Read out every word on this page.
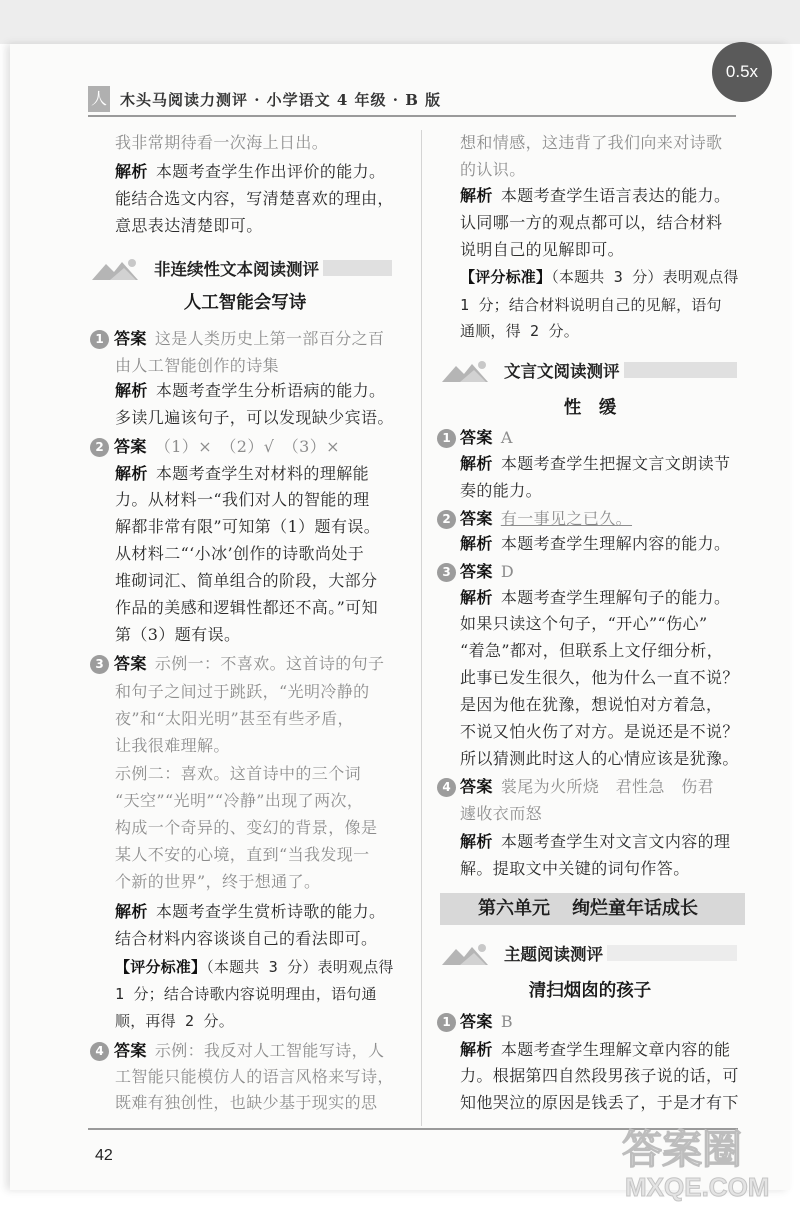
0.5x
人 木头马阅读力测评 · 小学语文 4 年级 · B 版
我非常期待看一次海上日出。
解析 本题考查学生作出评价的能力。
能结合选文内容，写清楚喜欢的理由，
意思表达清楚即可。
非连续性文本阅读测评
人工智能会写诗
1 答案 这是人类历史上第一部百分之百
由人工智能创作的诗集
解析 本题考查学生分析语病的能力。
多读几遍该句子，可以发现缺少宾语。
2 答案 （1）×　（2）√　（3）×
解析 本题考查学生对材料的理解能
力。从材料一“我们对人的智能的理
解都非常有限”可知第（1）题有误。
从材料二“‘小冰’创作的诗歌尚处于
堆砌词汇、简单组合的阶段，大部分
作品的美感和逻辑性都还不高。”可知
第（3）题有误。
3 答案 示例一：不喜欢。这首诗的句子
和句子之间过于跳跃，“光明冷静的
夜”和“太阳光明”甚至有些矛盾，
让我很难理解。
示例二：喜欢。这首诗中的三个词
“天空”“光明”“冷静”出现了两次，
构成一个奇异的、变幻的背景，像是
某人不安的心境，直到“当我发现一
个新的世界”，终于想通了。
解析 本题考查学生赏析诗歌的能力。
结合材料内容谈谈自己的看法即可。
【评分标准】（本题共 3 分）表明观点得
1 分；结合诗歌内容说明理由，语句通
顺，再得 2 分。
4 答案 示例：我反对人工智能写诗，人
工智能只能模仿人的语言风格来写诗，
既难有独创性，也缺少基于现实的思
想和情感，这违背了我们向来对诗歌
的认识。
解析 本题考查学生语言表达的能力。
认同哪一方的观点都可以，结合材料
说明自己的见解即可。
【评分标准】（本题共 3 分）表明观点得
1 分；结合材料说明自己的见解，语句
通顺，得 2 分。
文言文阅读测评
性　缓
1 答案 A
解析 本题考查学生把握文言文朗读节
奏的能力。
2 答案 有一事见之已久。
解析 本题考查学生理解内容的能力。
3 答案 D
解析 本题考查学生理解句子的能力。
如果只读这个句子，“开心”“伤心”
“着急”都对，但联系上文仔细分析，
此事已发生很久，他为什么一直不说？
是因为他在犹豫，想说怕对方着急，
不说又怕火伤了对方。是说还是不说？
所以猜测此时这人的心情应该是犹豫。
4 答案 裳尾为火所烧　君性急　伤君
遽收衣而怒
解析 本题考查学生对文言文内容的理
解。提取文中关键的词句作答。
第六单元 绚烂童年话成长
主题阅读测评
清扫烟囱的孩子
1 答案 B
解析 本题考查学生理解文章内容的能
力。根据第四自然段男孩子说的话，可
知他哭泣的原因是钱丢了，于是才有下
42	答案圈
MXQE.COM
